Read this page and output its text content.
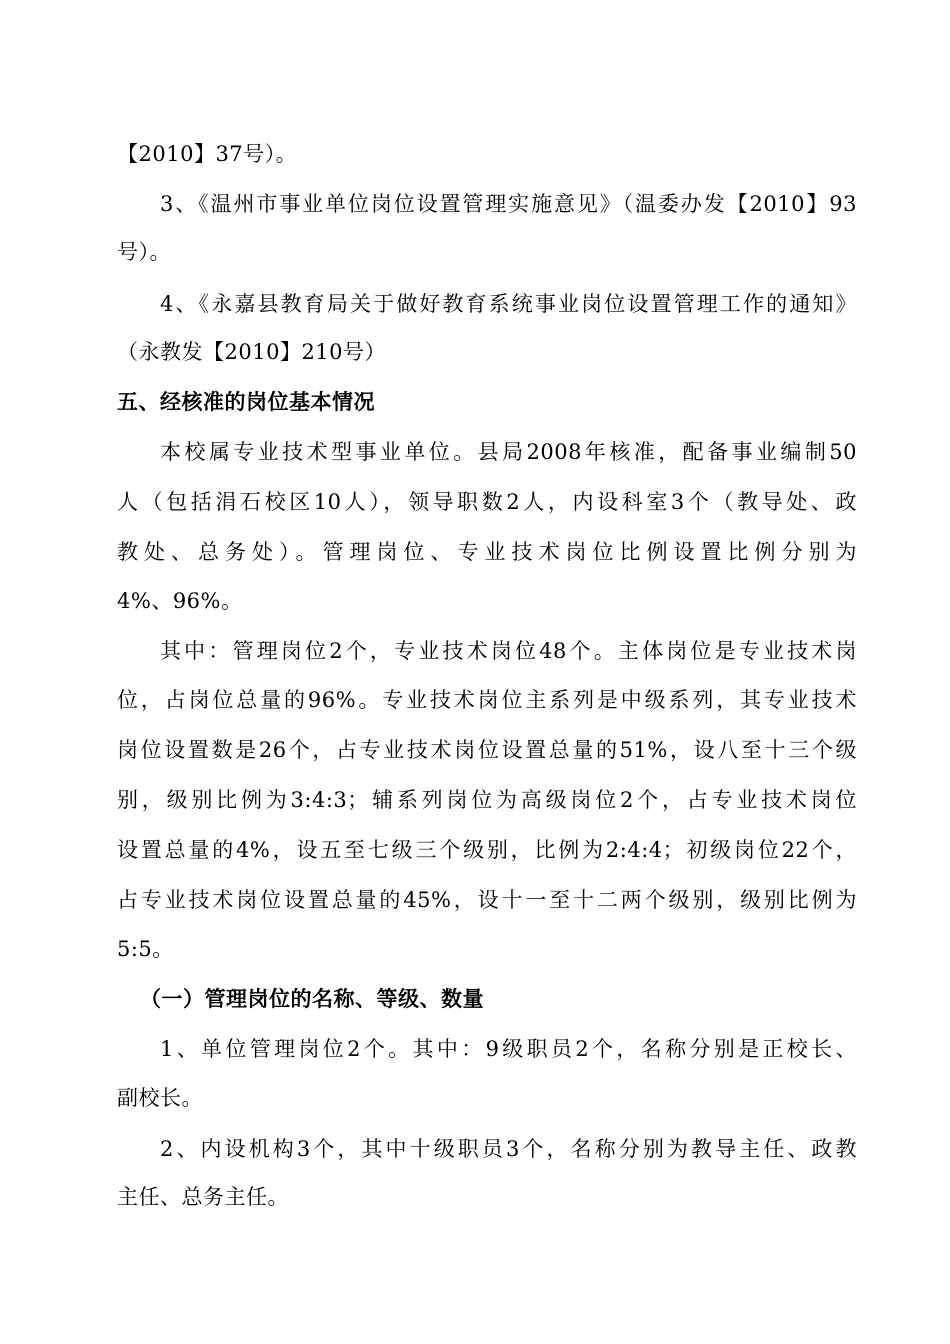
【2010】37号）。
3、《温州市事业单位岗位设置管理实施意见》（温委办发【2010】93
号）。
4、《永嘉县教育局关于做好教育系统事业岗位设置管理工作的通知》
（永教发【2010】210号）
五、经核准的岗位基本情况
本校属专业技术型事业单位。县局2008年核准，配备事业编制50
人（包括涓石校区10人），领导职数2人，内设科室3个（教导处、政
教处、总务处）。管理岗位、专业技术岗位比例设置比例分别为
4%、96%。
其中：管理岗位2个，专业技术岗位48个。主体岗位是专业技术岗
位，占岗位总量的96%。专业技术岗位主系列是中级系列，其专业技术
岗位设置数是26个，占专业技术岗位设置总量的51%，设八至十三个级
别，级别比例为3:4:3；辅系列岗位为高级岗位2个，占专业技术岗位
设置总量的4%，设五至七级三个级别，比例为2:4:4；初级岗位22个，
占专业技术岗位设置总量的45%，设十一至十二两个级别，级别比例为
5:5。
（一）管理岗位的名称、等级、数量
1、单位管理岗位2个。其中：9级职员2个，名称分别是正校长、
副校长。
2、内设机构3个，其中十级职员3个，名称分别为教导主任、政教
主任、总务主任。
